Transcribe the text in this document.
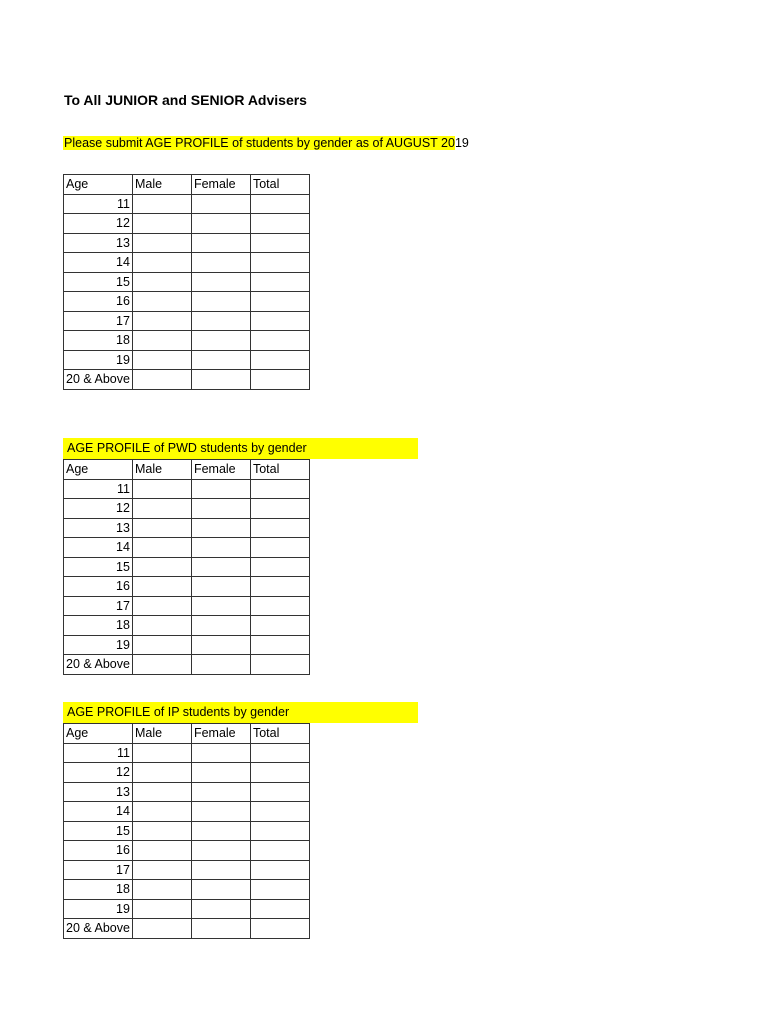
To All JUNIOR and SENIOR Advisers
Please submit AGE PROFILE of students by gender as of AUGUST 2019
Age	Male	Female	Total
11			
12			
13			
14			
15			
16			
17			
18			
19			
20 & Above			
AGE PROFILE of PWD students by gender
Age	Male	Female	Total
11			
12			
13			
14			
15			
16			
17			
18			
19			
20 & Above			
AGE PROFILE of IP students by gender
Age	Male	Female	Total
11			
12			
13			
14			
15			
16			
17			
18			
19			
20 & Above			
